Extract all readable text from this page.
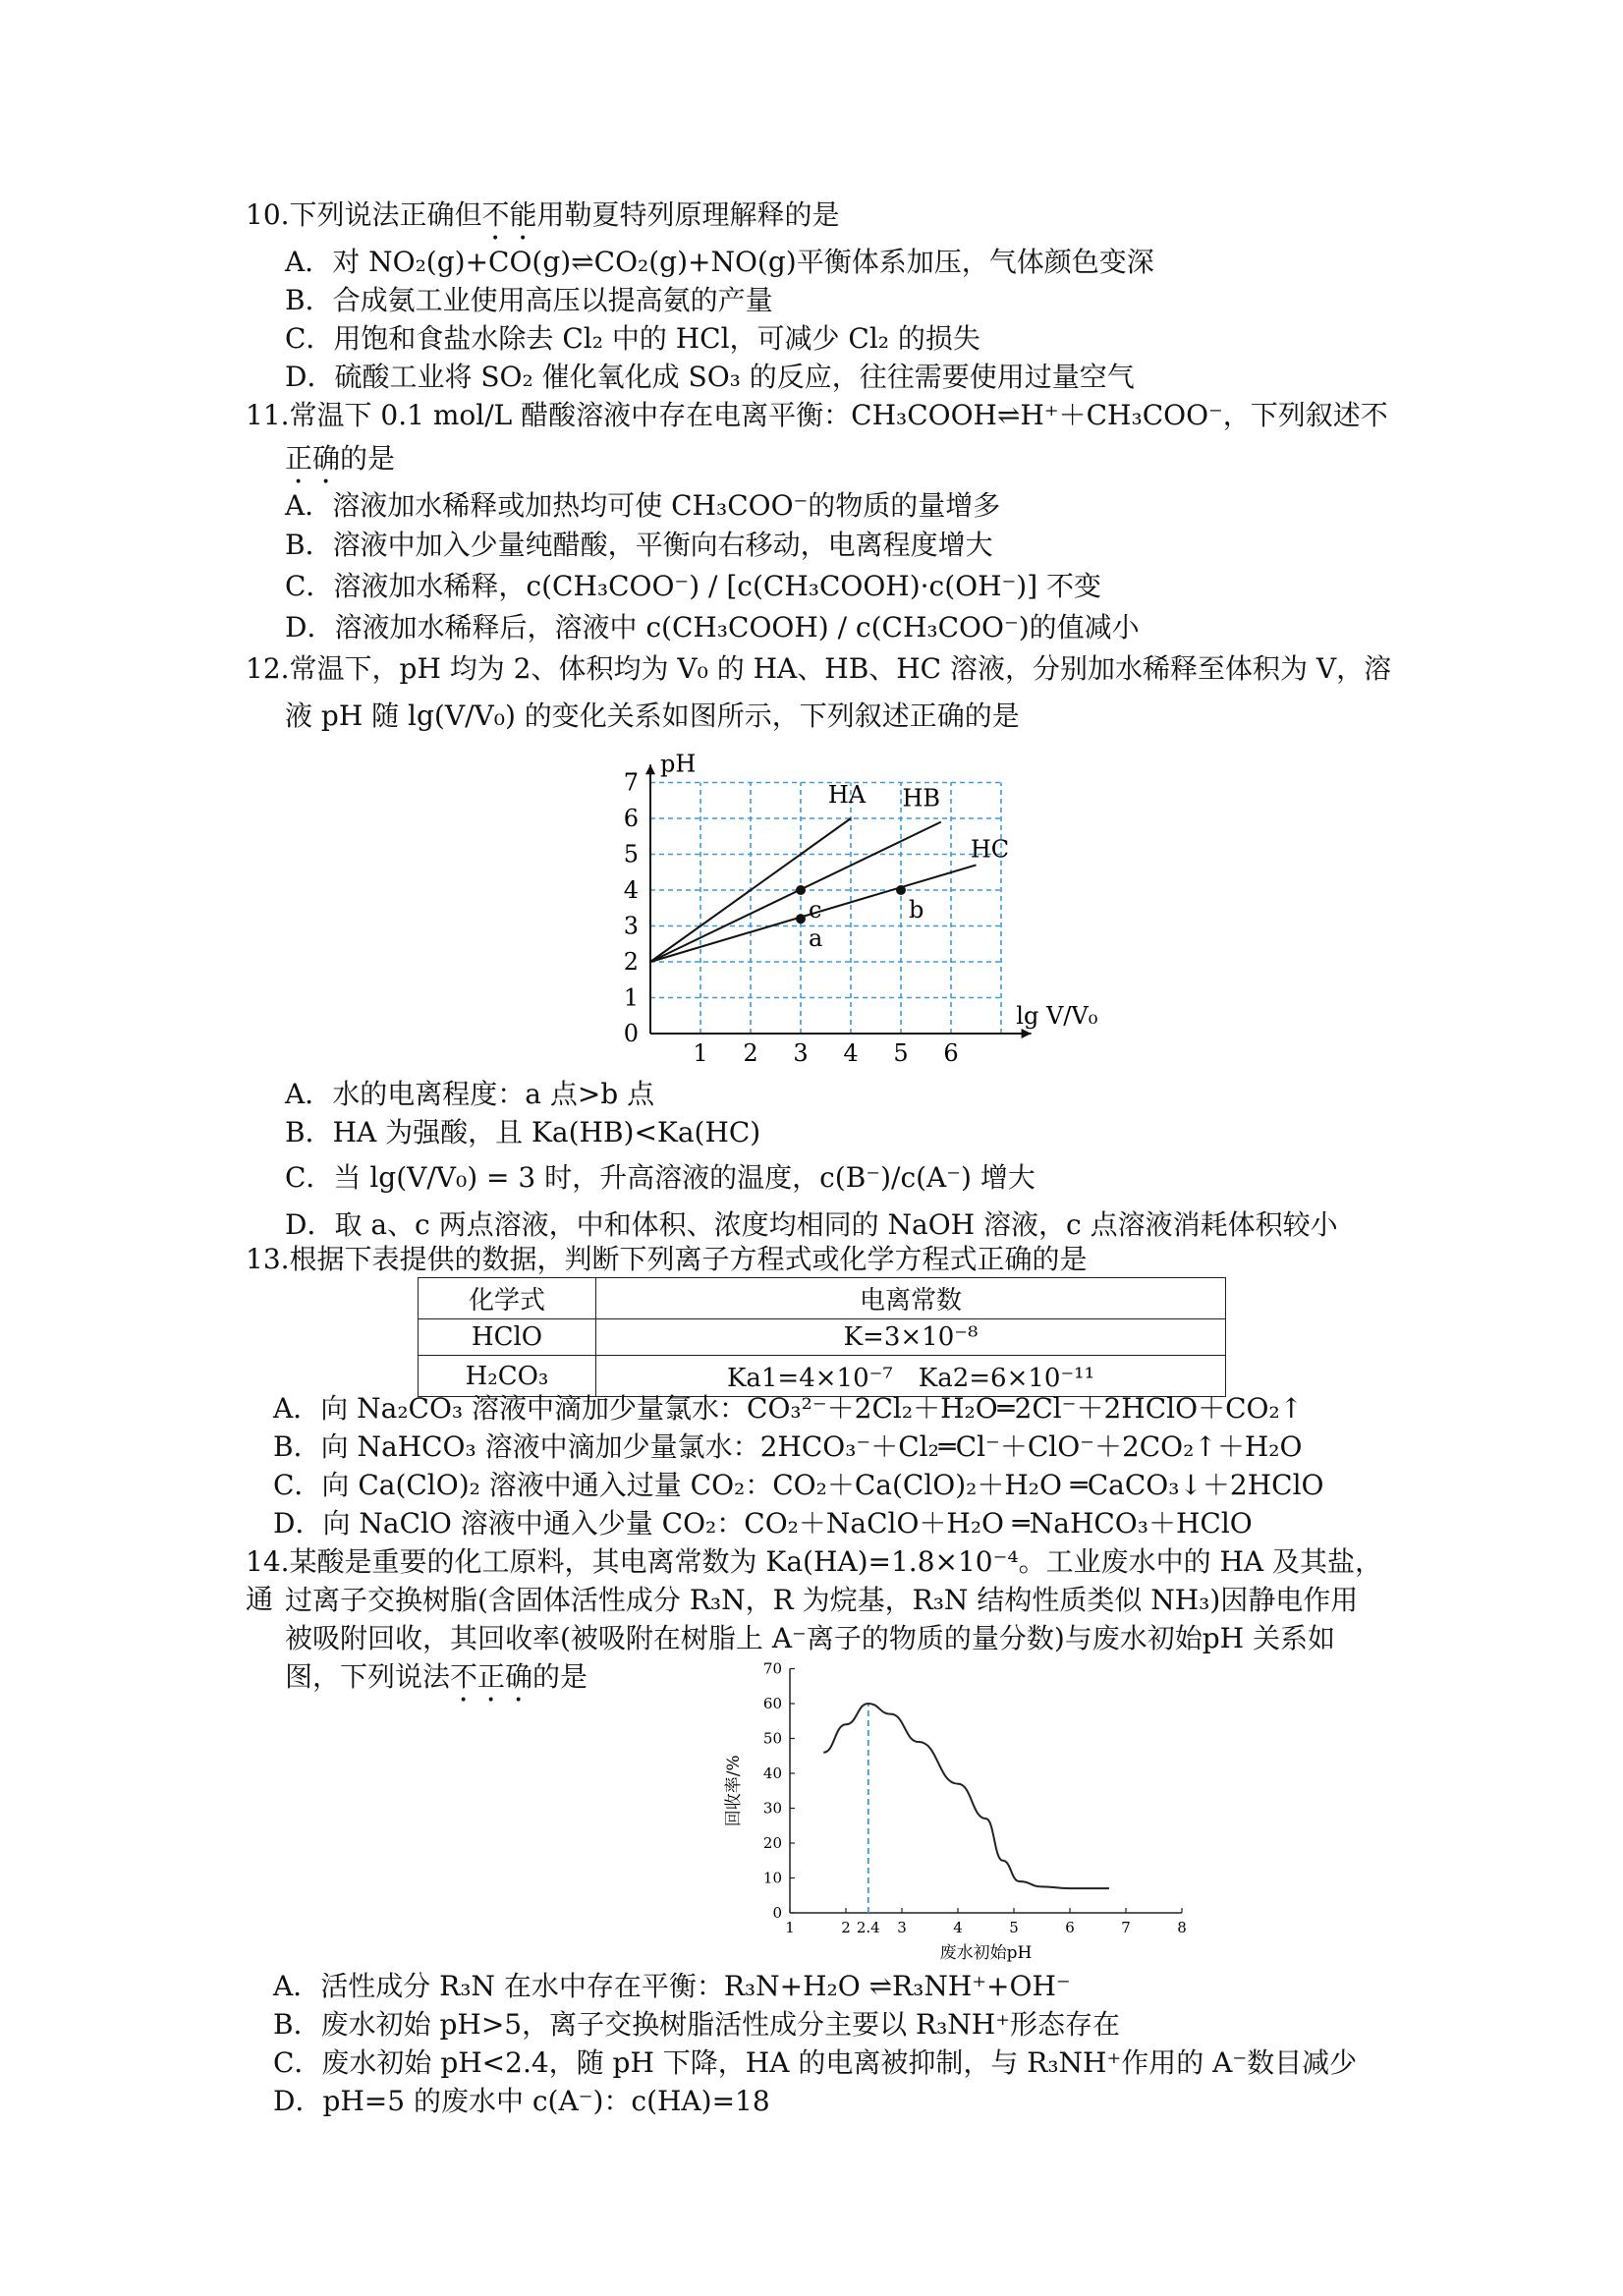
10.下列说法正确但不能用勒夏特列原理解释的是
A．对 NO₂(g)+CO(g)⇌CO₂(g)+NO(g)平衡体系加压，气体颜色变深
B．合成氨工业使用高压以提高氨的产量
C．用饱和食盐水除去 Cl₂ 中的 HCl，可减少 Cl₂ 的损失
D．硫酸工业将 SO₂ 催化氧化成 SO₃ 的反应，往往需要使用过量空气
11.常温下 0.1 mol/L 醋酸溶液中存在电离平衡：CH₃COOH⇌H⁺＋CH₃COO⁻，下列叙述不
正确的是
A．溶液加水稀释或加热均可使 CH₃COO⁻的物质的量增多
B．溶液中加入少量纯醋酸，平衡向右移动，电离程度增大
C．溶液加水稀释，c(CH₃COO⁻) / [c(CH₃COOH)·c(OH⁻)] 不变
D．溶液加水稀释后，溶液中 c(CH₃COOH) / c(CH₃COO⁻)的值减小
12.常温下，pH 均为 2、体积均为 V₀ 的 HA、HB、HC 溶液，分别加水稀释至体积为 V，溶
液 pH 随 lg(V/V₀) 的变化关系如图所示，下列叙述正确的是
0
1
2
3
4
5
6
7
1 2 3 4 5 6
pH
lg V/V₀
HA HB
HC
a
b
c
A．水的电离程度：a 点>b 点
B．HA 为强酸，且 Ka(HB)<Ka(HC)
C．当 lg(V/V₀) = 3 时，升高溶液的温度，c(B⁻)/c(A⁻) 增大
D．取 a、c 两点溶液，中和体积、浓度均相同的 NaOH 溶液，c 点溶液消耗体积较小
13.根据下表提供的数据，判断下列离子方程式或化学方程式正确的是
化学式	电离常数
HClO	K=3×10⁻⁸
H₂CO₃	Ka1=4×10⁻⁷　Ka2=6×10⁻¹¹
A．向 Na₂CO₃ 溶液中滴加少量氯水：CO₃²⁻＋2Cl₂＋H₂O═2Cl⁻＋2HClO＋CO₂↑
B．向 NaHCO₃ 溶液中滴加少量氯水：2HCO₃⁻＋Cl₂═Cl⁻＋ClO⁻＋2CO₂↑＋H₂O
C．向 Ca(ClO)₂ 溶液中通入过量 CO₂：CO₂＋Ca(ClO)₂＋H₂O ═CaCO₃↓＋2HClO
D．向 NaClO 溶液中通入少量 CO₂：CO₂＋NaClO＋H₂O ═NaHCO₃＋HClO
14.某酸是重要的化工原料，其电离常数为 Ka(HA)=1.8×10⁻⁴。工业废水中的 HA 及其盐，通 过离子交换树脂(含固体活性成分 R₃N，R 为烷基，R₃N 结构性质类似 NH₃)因静电作用
被吸附回收，其回收率(被吸附在树脂上 A⁻离子的物质的量分数)与废水初始pH 关系如
图，下列说法不正确的是
0
10
20
30
40
50
60
70
1	2 2.4 3	4	5	6	7	8
废水初始pH
回收率/%
A．活性成分 R₃N 在水中存在平衡：R₃N+H₂O ⇌R₃NH⁺+OH⁻
B．废水初始 pH>5，离子交换树脂活性成分主要以 R₃NH⁺形态存在
C．废水初始 pH<2.4，随 pH 下降，HA 的电离被抑制，与 R₃NH⁺作用的 A⁻数目减少
D．pH=5 的废水中 c(A⁻)：c(HA)=18
